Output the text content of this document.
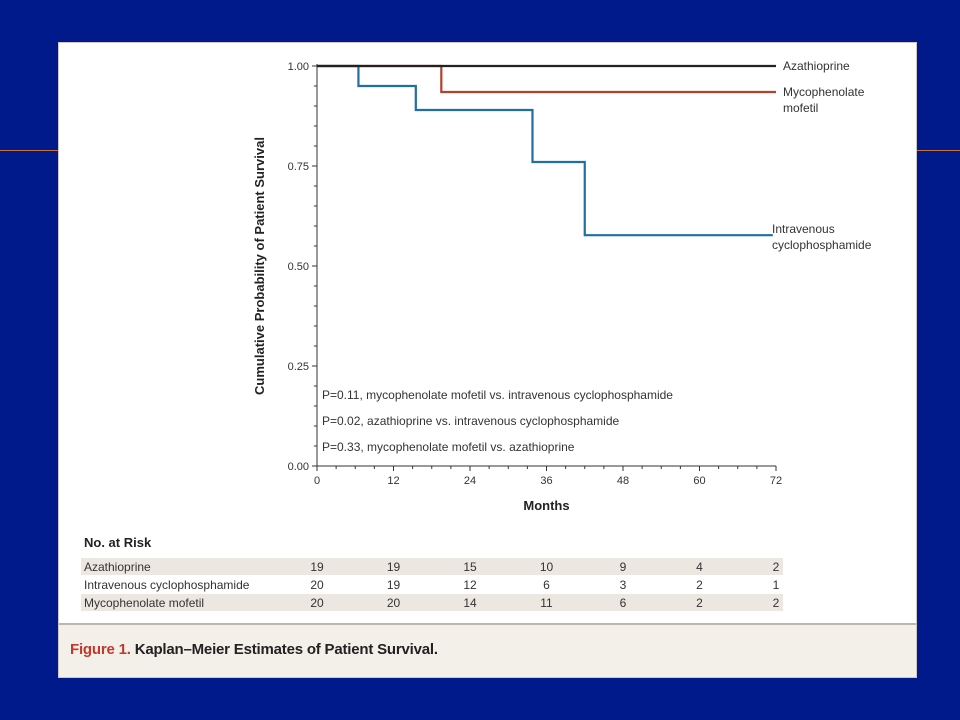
0.00
0.25
0.50
0.75
1.00
0	12	24	36	48	60	72
Months
Cumulative Probability of Patient Survival
Azathioprine
Mycophenolate
mofetil
Intravenous
cyclophosphamide
P=0.11, mycophenolate mofetil vs. intravenous cyclophosphamide
P=0.02, azathioprine vs. intravenous cyclophosphamide
P=0.33, mycophenolate mofetil vs. azathioprine
No. at Risk
Azathioprine	19	19	15	10	9	4	2
Intravenous cyclophosphamide	20	19	12	6	3	2	1
Mycophenolate mofetil	20	20	14	11	6	2	2
Figure 1. Kaplan–Meier Estimates of Patient Survival.
